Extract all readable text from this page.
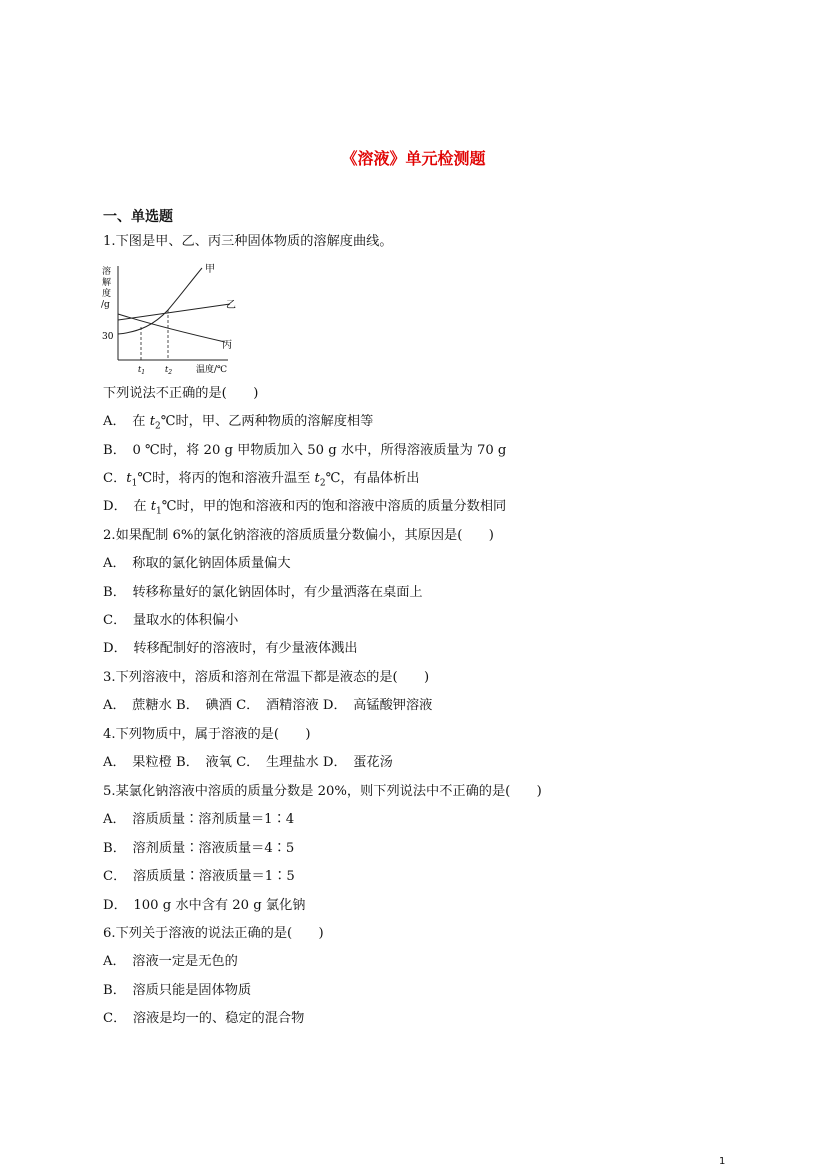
《溶液》单元检测题
一、单选题
1.下图是甲、乙、丙三种固体物质的溶解度曲线。
溶
解
度
/g
30
甲
乙
丙
$t_1$ $t_2$	温度/℃
下列说法不正确的是(　　)
A．　在 $t_2℃$时，甲、乙两种物质的溶解度相等
B．　0 ℃时，将 20 g 甲物质加入 50 g 水中，所得溶液质量为 70 g
C．$t_1℃$时，将丙的饱和溶液升温至 $t_2℃$，有晶体析出
D．　在 $t_1℃$时，甲的饱和溶液和丙的饱和溶液中溶质的质量分数相同
2.如果配制 6%的氯化钠溶液的溶质质量分数偏小，其原因是(　　)
A．　称取的氯化钠固体质量偏大
B．　转移称量好的氯化钠固体时，有少量洒落在桌面上
C．　量取水的体积偏小
D．　转移配制好的溶液时，有少量液体溅出
3.下列溶液中，溶质和溶剂在常温下都是液态的是(　　)
A．　蔗糖水 B．　碘酒 C．　酒精溶液 D．　高锰酸钾溶液
4.下列物质中，属于溶液的是(　　)
A．　果粒橙 B．　液氧 C．　生理盐水 D．　蛋花汤
5.某氯化钠溶液中溶质的质量分数是 20%，则下列说法中不正确的是(　　)
A．　溶质质量∶溶剂质量＝1∶4
B．　溶剂质量∶溶液质量＝4∶5
C．　溶质质量∶溶液质量＝1∶5
D．　100 g 水中含有 20 g 氯化钠
6.下列关于溶液的说法正确的是(　　)
A．　溶液一定是无色的
B．　溶质只能是固体物质
C．　溶液是均一的、稳定的混合物
1
